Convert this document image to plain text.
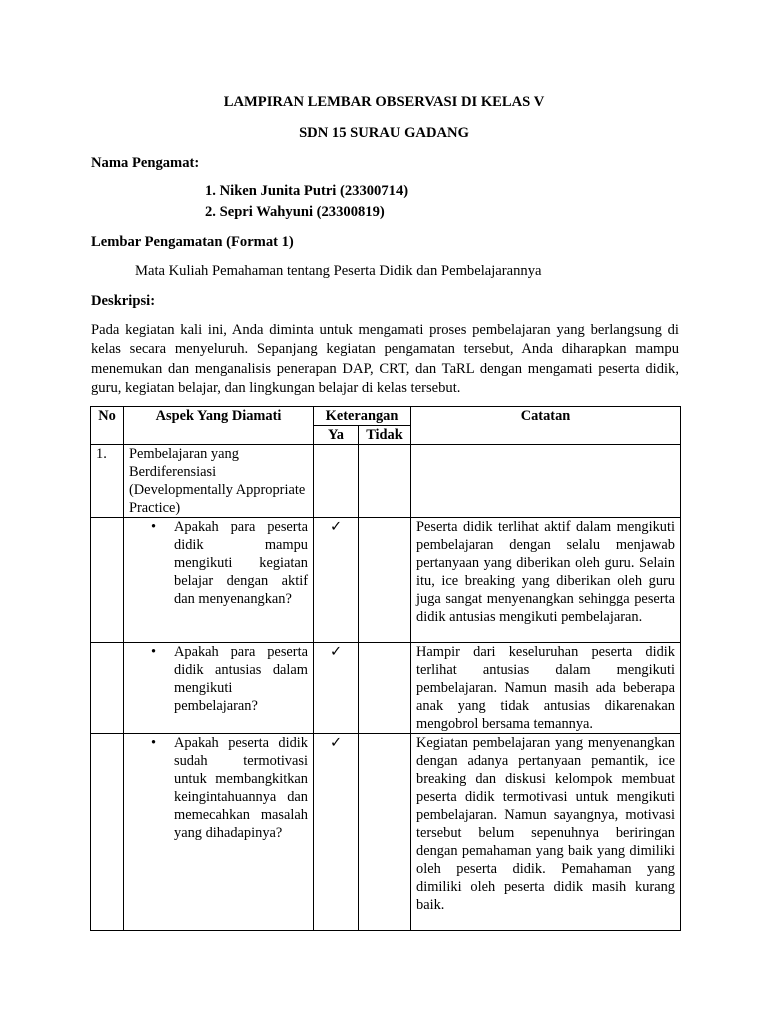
LAMPIRAN LEMBAR OBSERVASI DI KELAS V
SDN 15 SURAU GADANG
Nama Pengamat:
1. Niken Junita Putri (23300714)
2. Sepri Wahyuni (23300819)
Lembar Pengamatan (Format 1)
Mata Kuliah Pemahaman tentang Peserta Didik dan Pembelajarannya
Deskripsi:
Pada kegiatan kali ini, Anda diminta untuk mengamati proses pembelajaran yang berlangsung di kelas secara menyeluruh. Sepanjang kegiatan pengamatan tersebut, Anda diharapkan mampu menemukan dan menganalisis penerapan DAP, CRT, dan TaRL dengan mengamati peserta didik, guru, kegiatan belajar, dan lingkungan belajar di kelas tersebut.
No	Aspek Yang Diamati	Keterangan		Catatan
		Ya	Tidak	
1.	Pembelajaran yang Berdiferensiasi (Developmentally Appropriate Practice)			

	• Apakah para peserta didik mampu mengikuti kegiatan belajar dengan aktif dan menyenangkan?	✓		Peserta didik terlihat aktif dalam mengikuti pembelajaran dengan selalu menjawab pertanyaan yang diberikan oleh guru. Selain itu, ice breaking yang diberikan oleh guru juga sangat menyenangkan sehingga peserta didik antusias mengikuti pembelajaran.

	• Apakah para peserta didik antusias dalam mengikuti pembelajaran?	✓		Hampir dari keseluruhan peserta didik terlihat antusias dalam mengikuti pembelajaran. Namun masih ada beberapa anak yang tidak antusias dikarenakan mengobrol bersama temannya.

	• Apakah peserta didik sudah termotivasi untuk membangkitkan keingintahuannya dan memecahkan masalah yang dihadapinya?	✓		Kegiatan pembelajaran yang menyenangkan dengan adanya pertanyaan pemantik, ice breaking dan diskusi kelompok membuat peserta didik termotivasi untuk mengikuti pembelajaran. Namun sayangnya, motivasi tersebut belum sepenuhnya beriringan dengan pemahaman yang baik yang dimiliki oleh peserta didik. Pemahaman yang dimiliki oleh peserta didik masih kurang baik.
